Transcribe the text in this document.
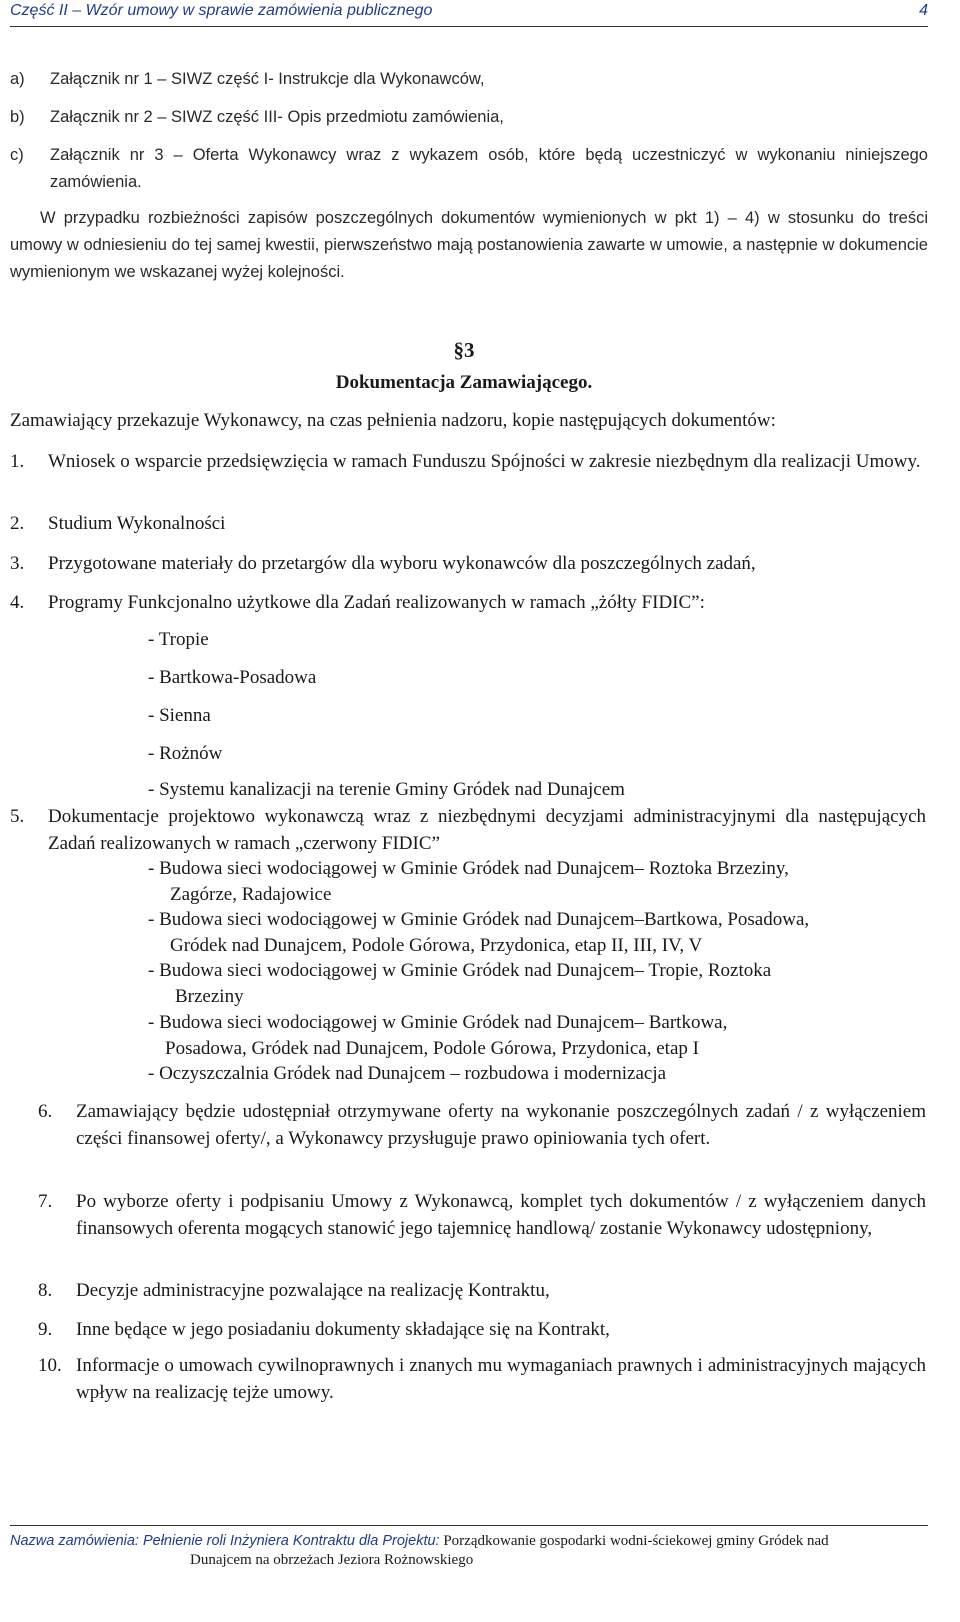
Część II – Wzór umowy w sprawie zamówienia publicznego	4
a) Załącznik nr 1 – SIWZ część I- Instrukcje dla Wykonawców,
b) Załącznik nr 2 – SIWZ część III- Opis przedmiotu zamówienia,
c) Załącznik nr 3 – Oferta Wykonawcy wraz z wykazem osób, które będą uczestniczyć w wykonaniu niniejszego zamówienia.
W przypadku rozbieżności zapisów poszczególnych dokumentów wymienionych w pkt 1) – 4) w stosunku do treści umowy w odniesieniu do tej samej kwestii, pierwszeństwo mają postanowienia zawarte w umowie, a następnie w dokumencie wymienionym we wskazanej wyżej kolejności.
§3
Dokumentacja Zamawiającego.
Zamawiający przekazuje Wykonawcy, na czas pełnienia nadzoru, kopie następujących dokumentów:
1. Wniosek o wsparcie przedsięwzięcia w ramach Funduszu Spójności w zakresie niezbędnym dla realizacji Umowy.
2. Studium Wykonalności
3. Przygotowane materiały do przetargów dla wyboru wykonawców dla poszczególnych zadań,
4. Programy Funkcjonalno użytkowe dla Zadań realizowanych w ramach „żółty FIDIC”:
- Tropie
- Bartkowa-Posadowa
- Sienna
- Rożnów
- Systemu kanalizacji na terenie Gminy Gródek nad Dunajcem
5. Dokumentacje projektowo wykonawczą wraz z niezbędnymi decyzjami administracyjnymi dla następujących Zadań realizowanych w ramach „czerwony FIDIC”
- Budowa sieci wodociągowej w Gminie Gródek nad Dunajcem– Roztoka Brzeziny,
Zagórze, Radajowice
- Budowa sieci wodociągowej w Gminie Gródek nad Dunajcem–Bartkowa, Posadowa,
Gródek nad Dunajcem, Podole Górowa, Przydonica, etap II, III, IV, V
- Budowa sieci wodociągowej w Gminie Gródek nad Dunajcem– Tropie, Roztoka
Brzeziny
- Budowa sieci wodociągowej w Gminie Gródek nad Dunajcem– Bartkowa,
Posadowa, Gródek nad Dunajcem, Podole Górowa, Przydonica, etap I
- Oczyszczalnia Gródek nad Dunajcem – rozbudowa i modernizacja
6. Zamawiający będzie udostępniał otrzymywane oferty na wykonanie poszczególnych zadań / z wyłączeniem części finansowej oferty/, a Wykonawcy przysługuje prawo opiniowania tych ofert.
7. Po wyborze oferty i podpisaniu Umowy z Wykonawcą, komplet tych dokumentów / z wyłączeniem danych finansowych oferenta mogących stanowić jego tajemnicę handlową/ zostanie Wykonawcy udostępniony,
8. Decyzje administracyjne pozwalające na realizację Kontraktu,
9. Inne będące w jego posiadaniu dokumenty składające się na Kontrakt,
10. Informacje o umowach cywilnoprawnych i znanych mu wymaganiach prawnych i administracyjnych mających wpływ na realizację tejże umowy.
Nazwa zamówienia: Pełnienie roli Inżyniera Kontraktu dla Projektu: Porządkowanie gospodarki wodni-ściekowej gminy Gródek nad
Dunajcem na obrzeżach Jeziora Rożnowskiego
